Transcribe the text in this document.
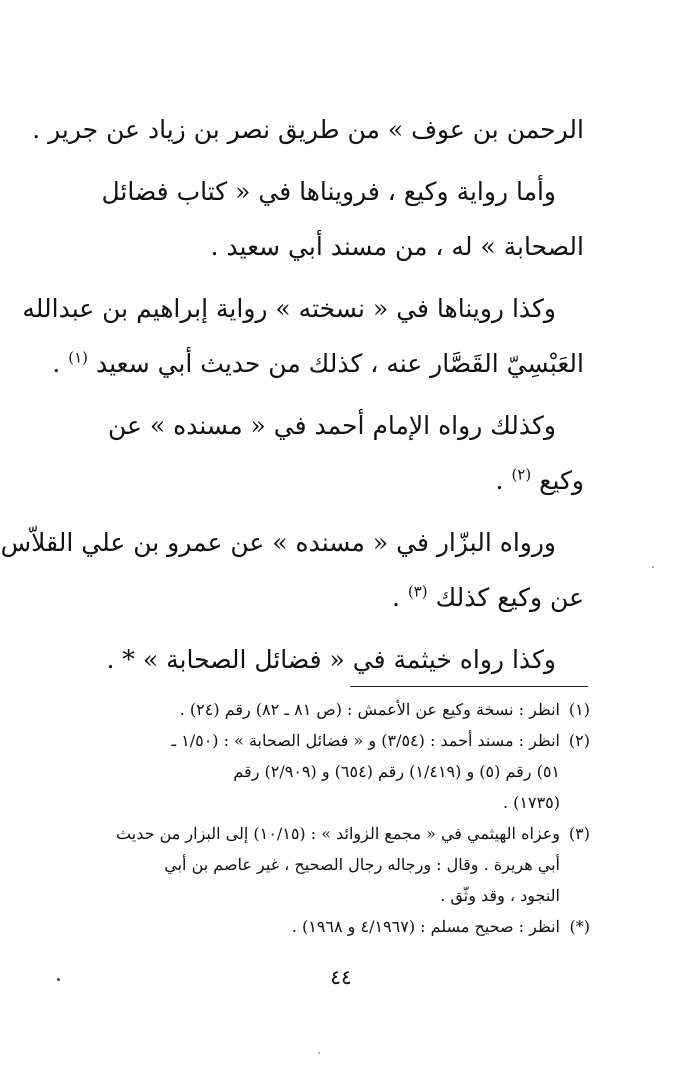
الرحمن بن عوف » من طريق نصر بن زياد عن جرير .

وأما رواية وكيع ، فرويناها في « كتاب فضائل
الصحابة » له ، من مسند أبي سعيد .

وكذا رويناها في « نسخته » رواية إبراهيم بن عبدالله
العَبْسِيّ القَصَّار عنه ، كذلك من حديث أبي سعيد $^{(١)}$ .

وكذلك رواه الإمام أحمد في « مسنده » عن
وكيع $^{(٢)}$ .

ورواه البزّار في « مسنده » عن عمرو بن علي القلاّس
عن وكيع كذلك $^{(٣)}$ .

وكذا رواه خيثمة في « فضائل الصحابة » * .

(١)
انظر : نسخة وكيع عن الأعمش : (ص ٨١ ـ ٨٢) رقم (٢٤) .
(٢)
انظر : مسند أحمد : (٣/٥٤) و « فضائل الصحابة » : (١/٥٠ ـ
٥١) رقم (٥) و (١/٤١٩) رقم (٦٥٤) و (٢/٩٠٩) رقم
(١٧٣٥) .
(٣)
وعزاه الهيثمي في « مجمع الزوائد » : (١٠/١٥) إلى البزار من حديث
أبي هريرة . وقال : ورجاله رجال الصحيح ، غير عاصم بن أبي
النجود ، وقد وثّق .
(*)
انظر : صحيح مسلم : (٤/١٩٦٧ و ١٩٦٨) .
٤٤
